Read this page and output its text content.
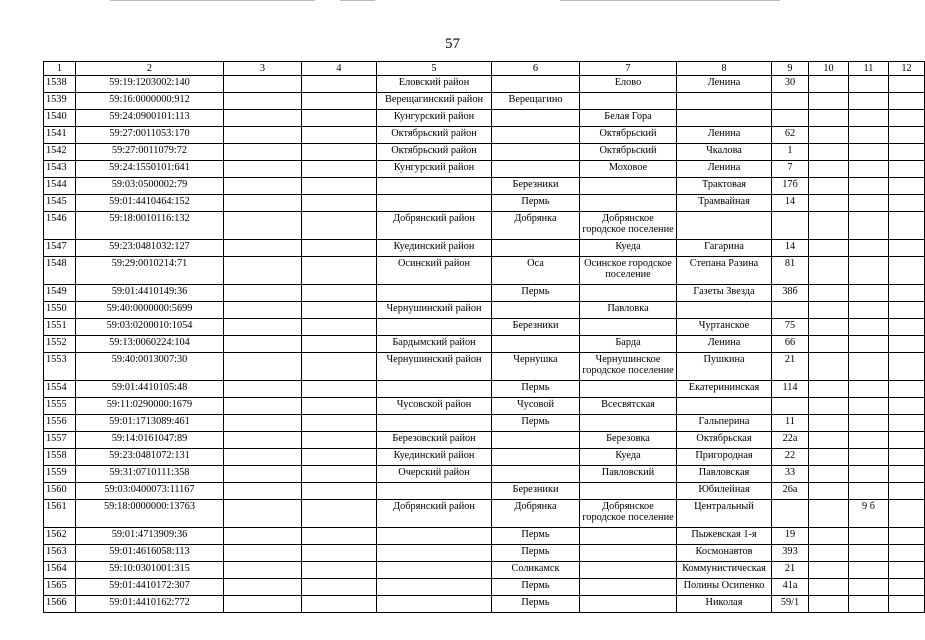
57
1	2	3	4	5	6	7	8	9	10	11	12
1538	59:19:1203002:140			Еловский район		Елово	Ленина	30			
1539	59:16:0000000:912			Верещагинский район	Верещагино						
1540	59:24:0900101:113			Кунгурский район		Белая Гора					
1541	59:27:0011053:170			Октябрьский район		Октябрьский	Ленина	62			
1542	59:27:0011079:72			Октябрьский район		Октябрьский	Чкалова	1			
1543	59:24:1550101:641			Кунгурский район		Моховое	Ленина	7			
1544	59:03:0500002:79				Березники		Трактовая	17б			
1545	59:01:4410464:152				Пермь		Трамвайная	14			
1546	59:18:0010116:132			Добрянский район	Добрянка	Добрянское городское поселение					
1547	59:23:0481032:127			Куединский район		Куеда	Гагарина	14			
1548	59:29:0010214:71			Осинский район	Оса	Осинское городское поселение	Степана Разина	81			
1549	59:01:4410149:36				Пермь		Газеты Звезда	38б			
1550	59:40:0000000:5699			Чернушинский район		Павловка					
1551	59:03:0200010:1054				Березники		Чуртанское	75			
1552	59:13:0060224:104			Бардымский район		Барда	Ленина	66			
1553	59:40:0013007:30			Чернушинский район	Чернушка	Чернушинское городское поселение	Пушкина	21			
1554	59:01:4410105:48				Пермь		Екатерининская	114			
1555	59:11:0290000:1679			Чусовской район	Чусовой	Всесвятская					
1556	59:01:1713089:461				Пермь		Гальперина	11			
1557	59:14:0161047:89			Березовский район		Березовка	Октябрьская	22а			
1558	59:23:0481072:131			Куединский район		Куеда	Пригородная	22			
1559	59:31:0710111:358			Очерский район		Павловский	Павловская	33			
1560	59:03:0400073:11167				Березники		Юбилейная	26а			
1561	59:18:0000000:13763			Добрянский район	Добрянка	Добрянское городское поселение	Центральный			9 б	
1562	59:01:4713909:36				Пермь		Пыжевская 1-я	19			
1563	59:01:4616058:113				Пермь		Космонавтов	393			
1564	59:10:0301001:315				Соликамск		Коммунистическая	21			
1565	59:01:4410172:307				Пермь		Полины Осипенко	41а			
1566	59:01:4410162:772				Пермь		Николая	59/1			
